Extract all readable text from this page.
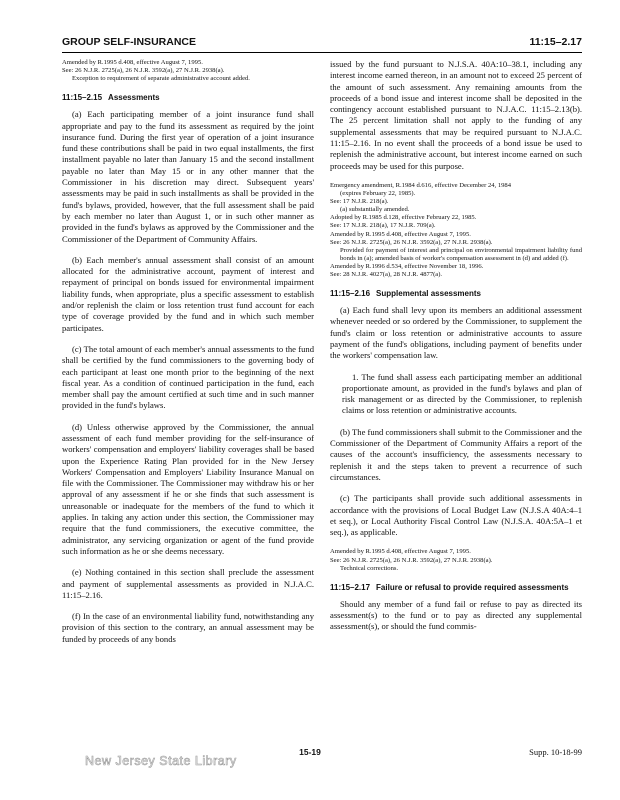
GROUP SELF-INSURANCE	11:15–2.17

Amended by R.1995 d.408, effective August 7, 1995.

See: 26 N.J.R. 2725(a), 26 N.J.R. 3592(a), 27 N.J.R. 2938(a).

Exception to requirement of separate administrative account added.

11:15–2.15 Assessments

(a) Each participating member of a joint insurance fund shall appropriate and pay to the fund its assessment as required by the joint insurance fund. During the first year of operation of a joint insurance fund these contributions shall be paid in two equal installments, the first installment payable no later than January 15 and the second installment payable no later than May 15 or in any other manner that the Commissioner in his discretion may direct. Subsequent years' assessments may be paid in such installments as shall be provided in the fund's bylaws, provided, however, that the full assessment shall be paid by each member no later than August 1, or in such other manner as provided in the fund's bylaws as approved by the Commissioner and the Commissioner of the Department of Community Affairs.

(b) Each member's annual assessment shall consist of an amount allocated for the administrative account, payment of interest and repayment of principal on bonds issued for environmental impairment liability funds, when appropriate, plus a specific assessment to establish and/or replenish the claim or loss retention trust fund account for each type of coverage provided by the fund and in which such member participates.

(c) The total amount of each member's annual assessments to the fund shall be certified by the fund commissioners to the governing body of each participant at least one month prior to the beginning of the next fiscal year. As a condition of continued participation in the fund, each member shall pay the amount certified at such time and in such manner provided in the fund's bylaws.

(d) Unless otherwise approved by the Commissioner, the annual assessment of each fund member providing for the self-insurance of workers' compensation and employers' liability coverages shall be based upon the Experience Rating Plan provided for in the New Jersey Workers' Compensation and Employers' Liability Insurance Manual on file with the Commissioner. The Commissioner may withdraw his or her approval of any assessment if he or she finds that such assessment is unreasonable or inadequate for the members of the fund to which it applies. In taking any action under this section, the Commissioner may require that the fund commissioners, the executive committee, the administrator, any servicing organization or agent of the fund provide such information as he or she deems necessary.

(e) Nothing contained in this section shall preclude the assessment and payment of supplemental assessments as provided in N.J.A.C. 11:15–2.16.

(f) In the case of an environmental liability fund, notwithstanding any provision of this section to the contrary, an annual assessment may be funded by proceeds of any bonds

issued by the fund pursuant to N.J.S.A. 40A:10–38.1, including any interest income earned thereon, in an amount not to exceed 25 percent of the amount of such assessment. Any remaining amounts from the proceeds of a bond issue and interest income shall be deposited in the contingency account established pursuant to N.J.A.C. 11:15–2.13(b). The 25 percent limitation shall not apply to the funding of any supplemental assessments that may be required pursuant to N.J.A.C. 11:15–2.16. In no event shall the proceeds of a bond issue be used to replenish the administrative account, but interest income earned on such proceeds may be used for this purpose.

Emergency amendment, R.1984 d.616, effective December 24, 1984

(expires February 22, 1985).

See: 17 N.J.R. 218(a).

(a) substantially amended.

Adopted by R.1985 d.128, effective February 22, 1985.

See: 17 N.J.R. 218(a), 17 N.J.R. 709(a).

Amended by R.1995 d.408, effective August 7, 1995.

See: 26 N.J.R. 2725(a), 26 N.J.R. 3592(a), 27 N.J.R. 2938(a).

Provided for payment of interest and principal on environmental impairment liability fund bonds in (a); amended basis of worker's compensation assessment in (d) and added (f).

Amended by R.1996 d.534, effective November 18, 1996.

See: 28 N.J.R. 4027(a), 28 N.J.R. 4877(a).

11:15–2.16 Supplemental assessments

(a) Each fund shall levy upon its members an additional assessment whenever needed or so ordered by the Commissioner, to supplement the fund's claim or loss retention or administrative accounts to assure payment of the fund's obligations, including payment of benefits under the workers' compensation law.

1. The fund shall assess each participating member an additional proportionate amount, as provided in the fund's bylaws and plan of risk management or as directed by the Commissioner, to replenish claims or loss retention or administrative accounts.

(b) The fund commissioners shall submit to the Commissioner and the Commissioner of the Department of Community Affairs a report of the causes of the account's insufficiency, the assessments necessary to replenish it and the steps taken to prevent a recurrence of such circumstances.

(c) The participants shall provide such additional assessments in accordance with the provisions of Local Budget Law (N.J.S.A 40A:4–1 et seq.), or Local Authority Fiscal Control Law (N.J.S.A. 40A:5A–1 et seq.), as applicable.

Amended by R.1995 d.408, effective August 7, 1995.

See: 26 N.J.R. 2725(a), 26 N.J.R. 3592(a), 27 N.J.R. 2938(a).

Technical corrections.

11:15–2.17 Failure or refusal to provide required assessments

Should any member of a fund fail or refuse to pay as directed its assessment(s) to the fund or to pay as directed any supplemental assessment(s), or should the fund commis-

15-19	Supp. 10-18-99
New Jersey State Library
